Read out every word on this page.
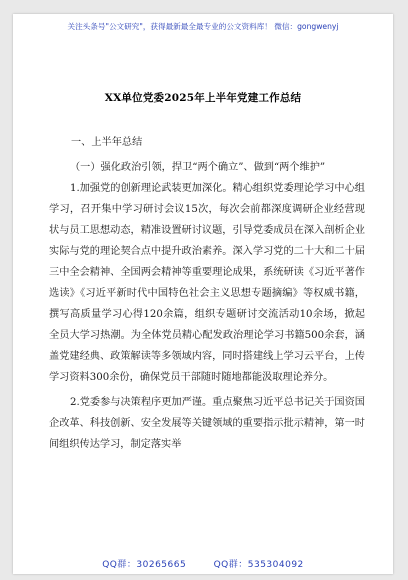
关注头条号"公文研究"，获得最新最全最专业的公文资料库！ 微信：gongwenyj
XX单位党委2025年上半年党建工作总结

一、上半年总结

（一）强化政治引领，捍卫“两个确立”、做到“两个维护”

1.加强党的创新理论武装更加深化。精心组织党委理论学习中心组学习，召开集中学习研讨会议15次，每次会前都深度调研企业经营现状与员工思想动态，精准设置研讨议题，引导党委成员在深入剖析企业实际与党的理论契合点中提升政治素养。深入学习党的二十大和二十届三中全会精神、全国两会精神等重要理论成果，系统研读《习近平著作选读》《习近平新时代中国特色社会主义思想专题摘编》等权威书籍，撰写高质量学习心得120余篇，组织专题研讨交流活动10余场，掀起全员大学习热潮。为全体党员精心配发政治理论学习书籍500余套，涵盖党建经典、政策解读等多领域内容，同时搭建线上学习云平台，上传学习资料300余份，确保党员干部随时随地都能汲取理论养分。

2.党委参与决策程序更加严谨。重点聚焦习近平总书记关于国资国企改革、科技创新、安全发展等关键领域的重要指示批示精神，第一时间组织传达学习，制定落实举

QQ群：30265665	QQ群：535304092
